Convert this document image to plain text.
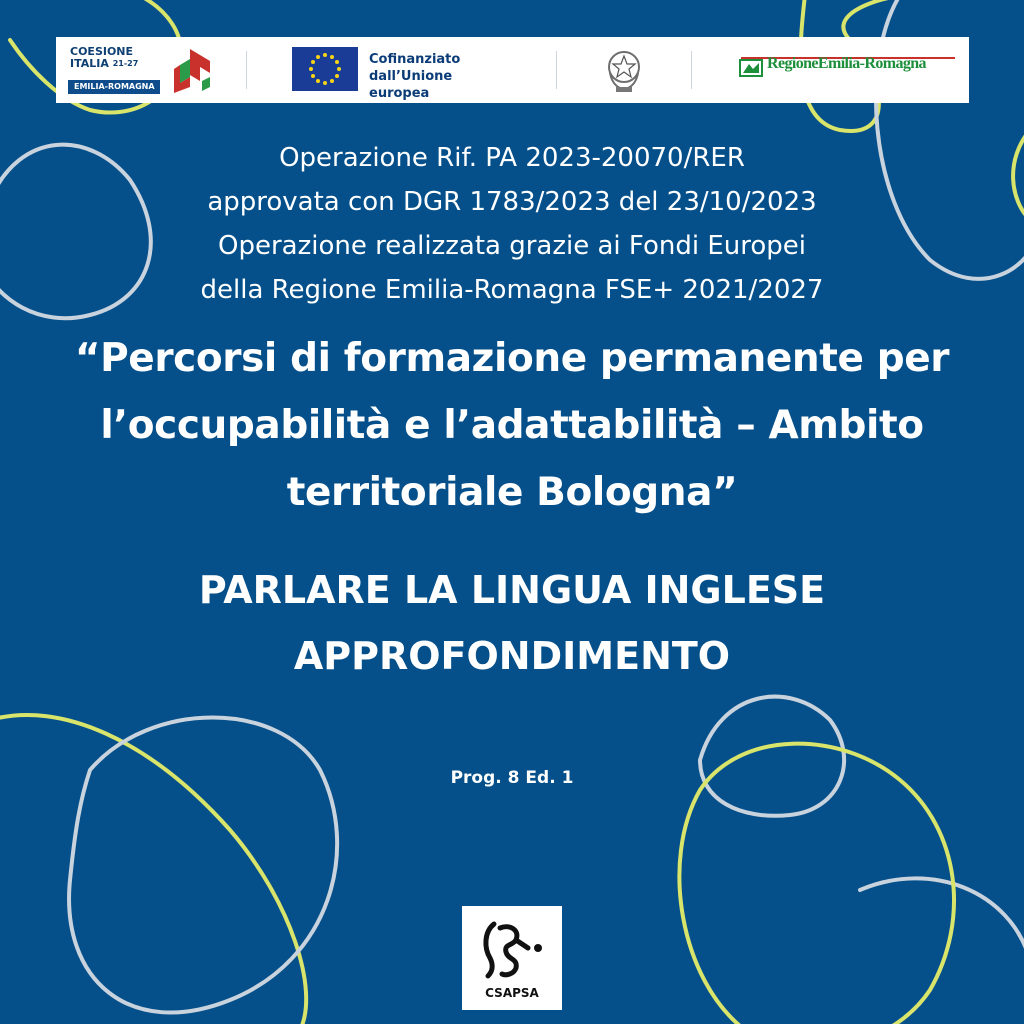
COESIONE
ITALIA $^{21-27}$
EMILIA-ROMAGNA
Cofinanziato
dall’Unione europea
RegioneEmilia-Romagna
Operazione Rif. PA 2023-20070/RER
approvata con DGR 1783/2023 del 23/10/2023
Operazione realizzata grazie ai Fondi Europei
della Regione Emilia-Romagna FSE+ 2021/2027
“Percorsi di formazione permanente per
l’occupabilità e l’adattabilità – Ambito
territoriale Bologna”
PARLARE LA LINGUA INGLESE
APPROFONDIMENTO
Prog. 8 Ed. 1
CSAPSA
